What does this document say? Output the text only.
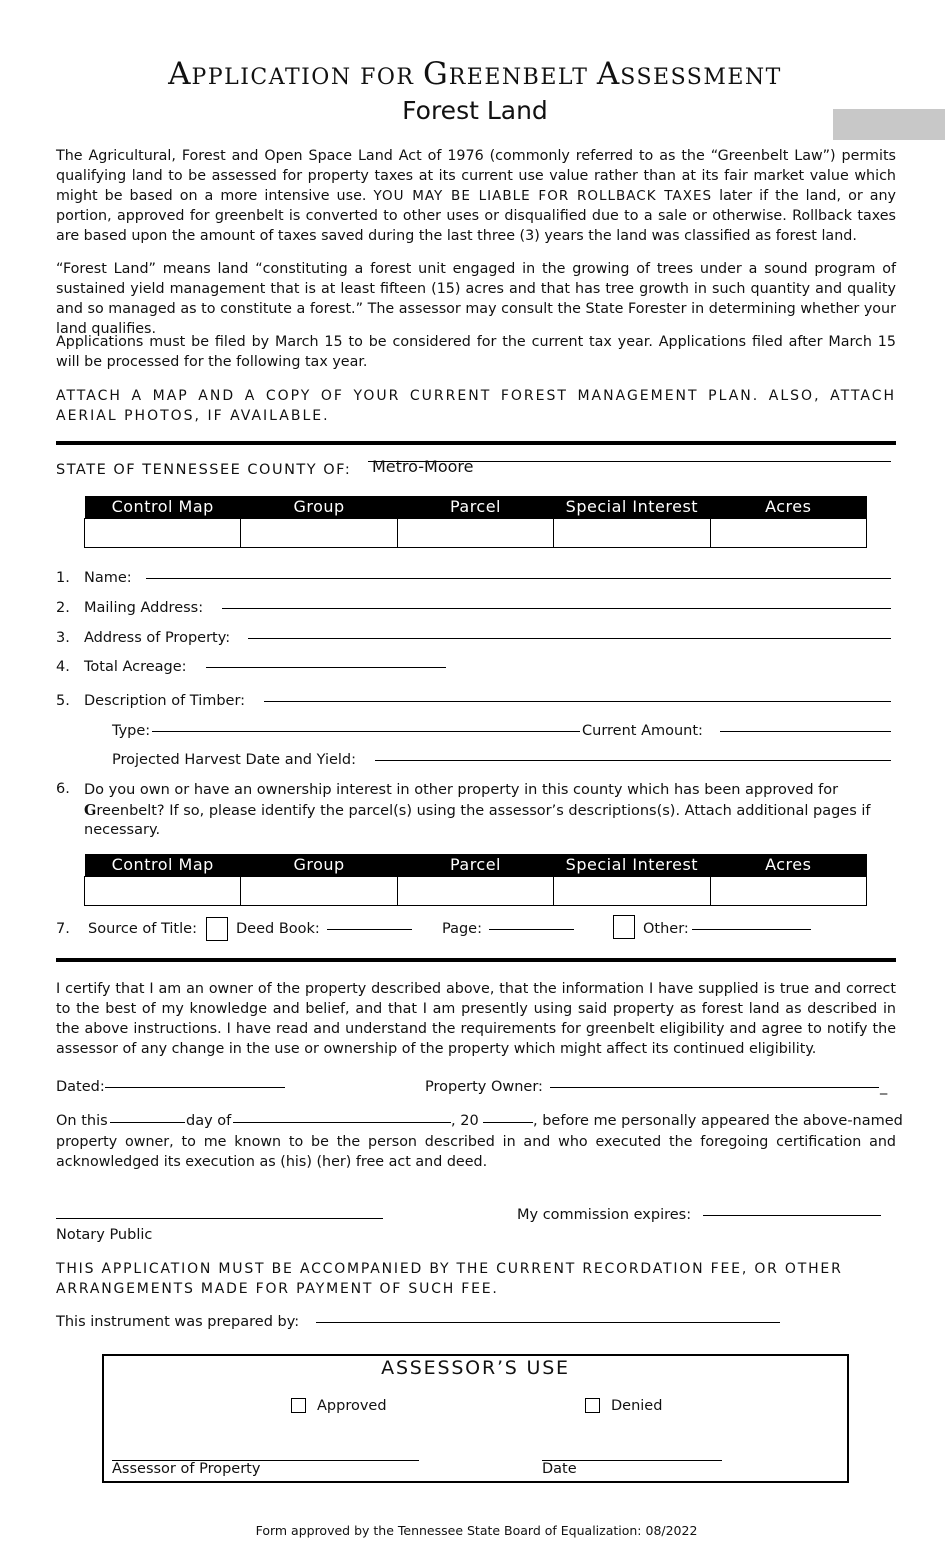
APPLICATION FOR GREENBELT ASSESSMENT
Forest Land
The Agricultural, Forest and Open Space Land Act of 1976 (commonly referred to as the “Greenbelt Law”) permits qualifying land to be assessed for property taxes at its current use value rather than at its fair market value which might be based on a more intensive use. YOU MAY BE LIABLE FOR ROLLBACK TAXES later if the land, or any portion, approved for greenbelt is converted to other uses or disqualified due to a sale or otherwise. Rollback taxes are based upon the amount of taxes saved during the last three (3) years the land was classified as forest land.
“Forest Land” means land “constituting a forest unit engaged in the growing of trees under a sound program of sustained yield management that is at least fifteen (15) acres and that has tree growth in such quantity and quality and so managed as to constitute a forest.” The assessor may consult the State Forester in determining whether your land qualifies.
Applications must be filed by March 15 to be considered for the current tax year. Applications filed after March 15 will be processed for the following tax year.
ATTACH A MAP AND A COPY OF YOUR CURRENT FOREST MANAGEMENT PLAN. ALSO, ATTACH AERIAL PHOTOS, IF AVAILABLE.
STATE OF TENNESSEE COUNTY OF: Metro-Moore
Control Map	Group	Parcel	Special Interest	Acres

1. Name:
2. Mailing Address:
3. Address of Property:
4. Total Acreage:
5. Description of Timber:
Type:	Current Amount:
Projected Harvest Date and Yield:
6. Do you own or have an ownership interest in other property in this county which has been approved for Greenbelt? If so, please identify the parcel(s) using the assessor’s descriptions(s). Attach additional pages if necessary.
Control Map	Group	Parcel	Special Interest	Acres

7. Source of Title:	Deed Book:	Page:	Other:
I certify that I am an owner of the property described above, that the information I have supplied is true and correct to the best of my knowledge and belief, and that I am presently using said property as forest land as described in the above instructions. I have read and understand the requirements for greenbelt eligibility and agree to notify the assessor of any change in the use or ownership of the property which might affect its continued eligibility.
Dated:	Property Owner:	_
On this	day of	, 20	, before me personally appeared the above-named
property owner, to me known to be the person described in and who executed the foregoing certification and acknowledged its execution as (his) (her) free act and deed.
My commission expires:
Notary Public
THIS APPLICATION MUST BE ACCOMPANIED BY THE CURRENT RECORDATION FEE, OR OTHER ARRANGEMENTS MADE FOR PAYMENT OF SUCH FEE.
This instrument was prepared by:
ASSESSOR’S USE
Approved	Denied
Assessor of Property	Date
Form approved by the Tennessee State Board of Equalization: 08/2022
